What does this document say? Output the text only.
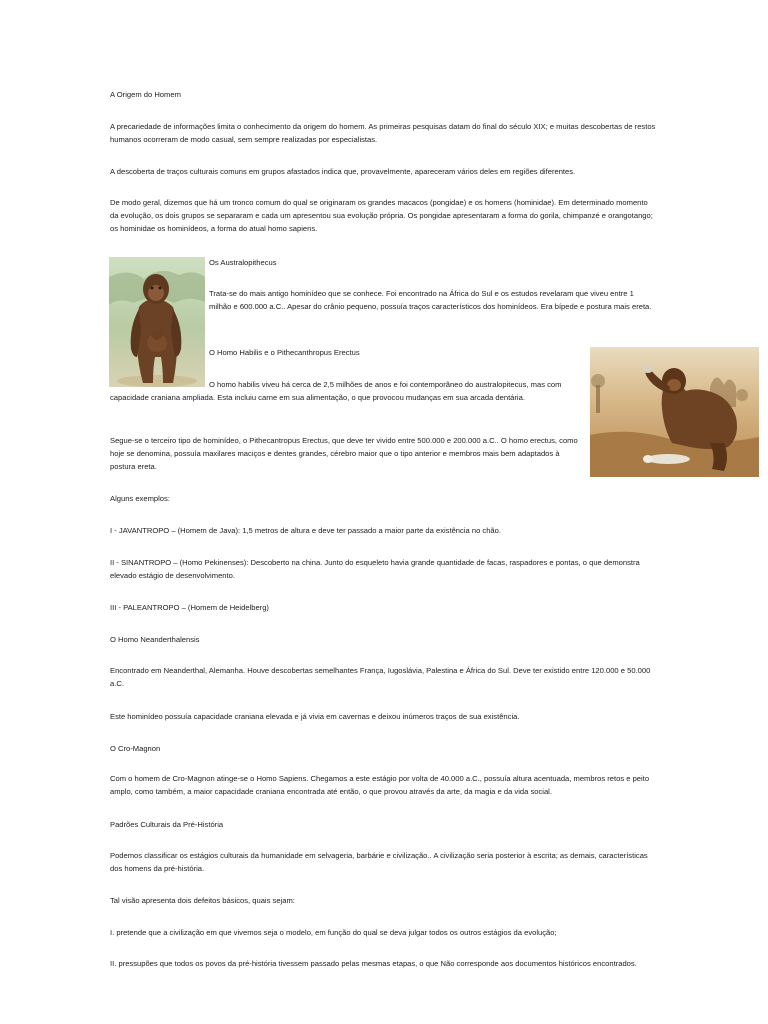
A Origem do Homem

A precariedade de informações limita o conhecimento da origem do homem. As primeiras pesquisas datam do final do século XIX; e muitas descobertas de restos humanos ocorreram de modo casual, sem sempre realizadas por especialistas.

A descoberta de traços culturais comuns em grupos afastados indica que, provavelmente, apareceram vários deles em regiões diferentes.

De modo geral, dizemos que há um tronco comum do qual se originaram os grandes macacos (pongidae) e os homens (hominidae). Em determinado momento da evolução, os dois grupos se separaram e cada um apresentou sua evolução própria. Os pongidae apresentaram a forma do gorila, chimpanzé e orangotango; os hominidae os hominídeos, a forma do atual homo sapiens.

Os Australopithecus

Trata-se do mais antigo hominídeo que se conhece. Foi encontrado na África do Sul e os estudos revelaram que viveu entre 1 milhão e 600.000 a.C.. Apesar do crânio pequeno, possuía traços característicos dos hominídeos. Era bípede e postura mais ereta.

O Homo Habilis e o Pithecanthropus Erectus

O homo habilis viveu há cerca de 2,5 milhões de anos e foi contemporâneo do australopitecus, mas com capacidade craniana ampliada. Esta incluiu carne em sua alimentação, o que provocou mudanças em sua arcada dentária.

Segue-se o terceiro tipo de hominídeo, o Pithecantropus Erectus, que deve ter vivido entre 500.000 e 200.000 a.C.. O homo erectus, como hoje se denomina, possuía maxilares maciços e dentes grandes, cérebro maior que o tipo anterior e membros mais bem adaptados à postura ereta.

Alguns exemplos:

I - JAVANTROPO – (Homem de Java): 1,5 metros de altura e deve ter passado a maior parte da existência no chão.

II - SINANTROPO – (Homo Pekinenses): Descoberto na china. Junto do esqueleto havia grande quantidade de facas, raspadores e pontas, o que demonstra elevado estágio de desenvolvimento.

III - PALEANTROPO – (Homem de Heidelberg)

O Homo Neanderthalensis

Encontrado em Neanderthal, Alemanha. Houve descobertas semelhantes França, Iugoslávia, Palestina e África do Sul. Deve ter existido entre 120.000 e 50.000 a.C.

Este hominídeo possuía capacidade craniana elevada e já vivia em cavernas e deixou inúmeros traços de sua existência.

O Cro-Magnon

Com o homem de Cro-Magnon atinge-se o Homo Sapiens. Chegamos a este estágio por volta de 40.000 a.C., possuía altura acentuada, membros retos e peito amplo, como também, a maior capacidade craniana encontrada até então, o que provou através da arte, da magia e da vida social.

Padrões Culturais da Pré-História

Podemos classificar os estágios culturais da humanidade em selvageria, barbárie e civilização.. A civilização seria posterior à escrita; as demais, características dos homens da pré-história.

Tal visão apresenta dois defeitos básicos, quais sejam:

I. pretende que a civilização em que vivemos seja o modelo, em função do qual se deva julgar todos os outros estágios da evolução;

II. pressupões que todos os povos da pré-história tivessem passado pelas mesmas etapas, o que Não corresponde aos documentos históricos encontrados.
